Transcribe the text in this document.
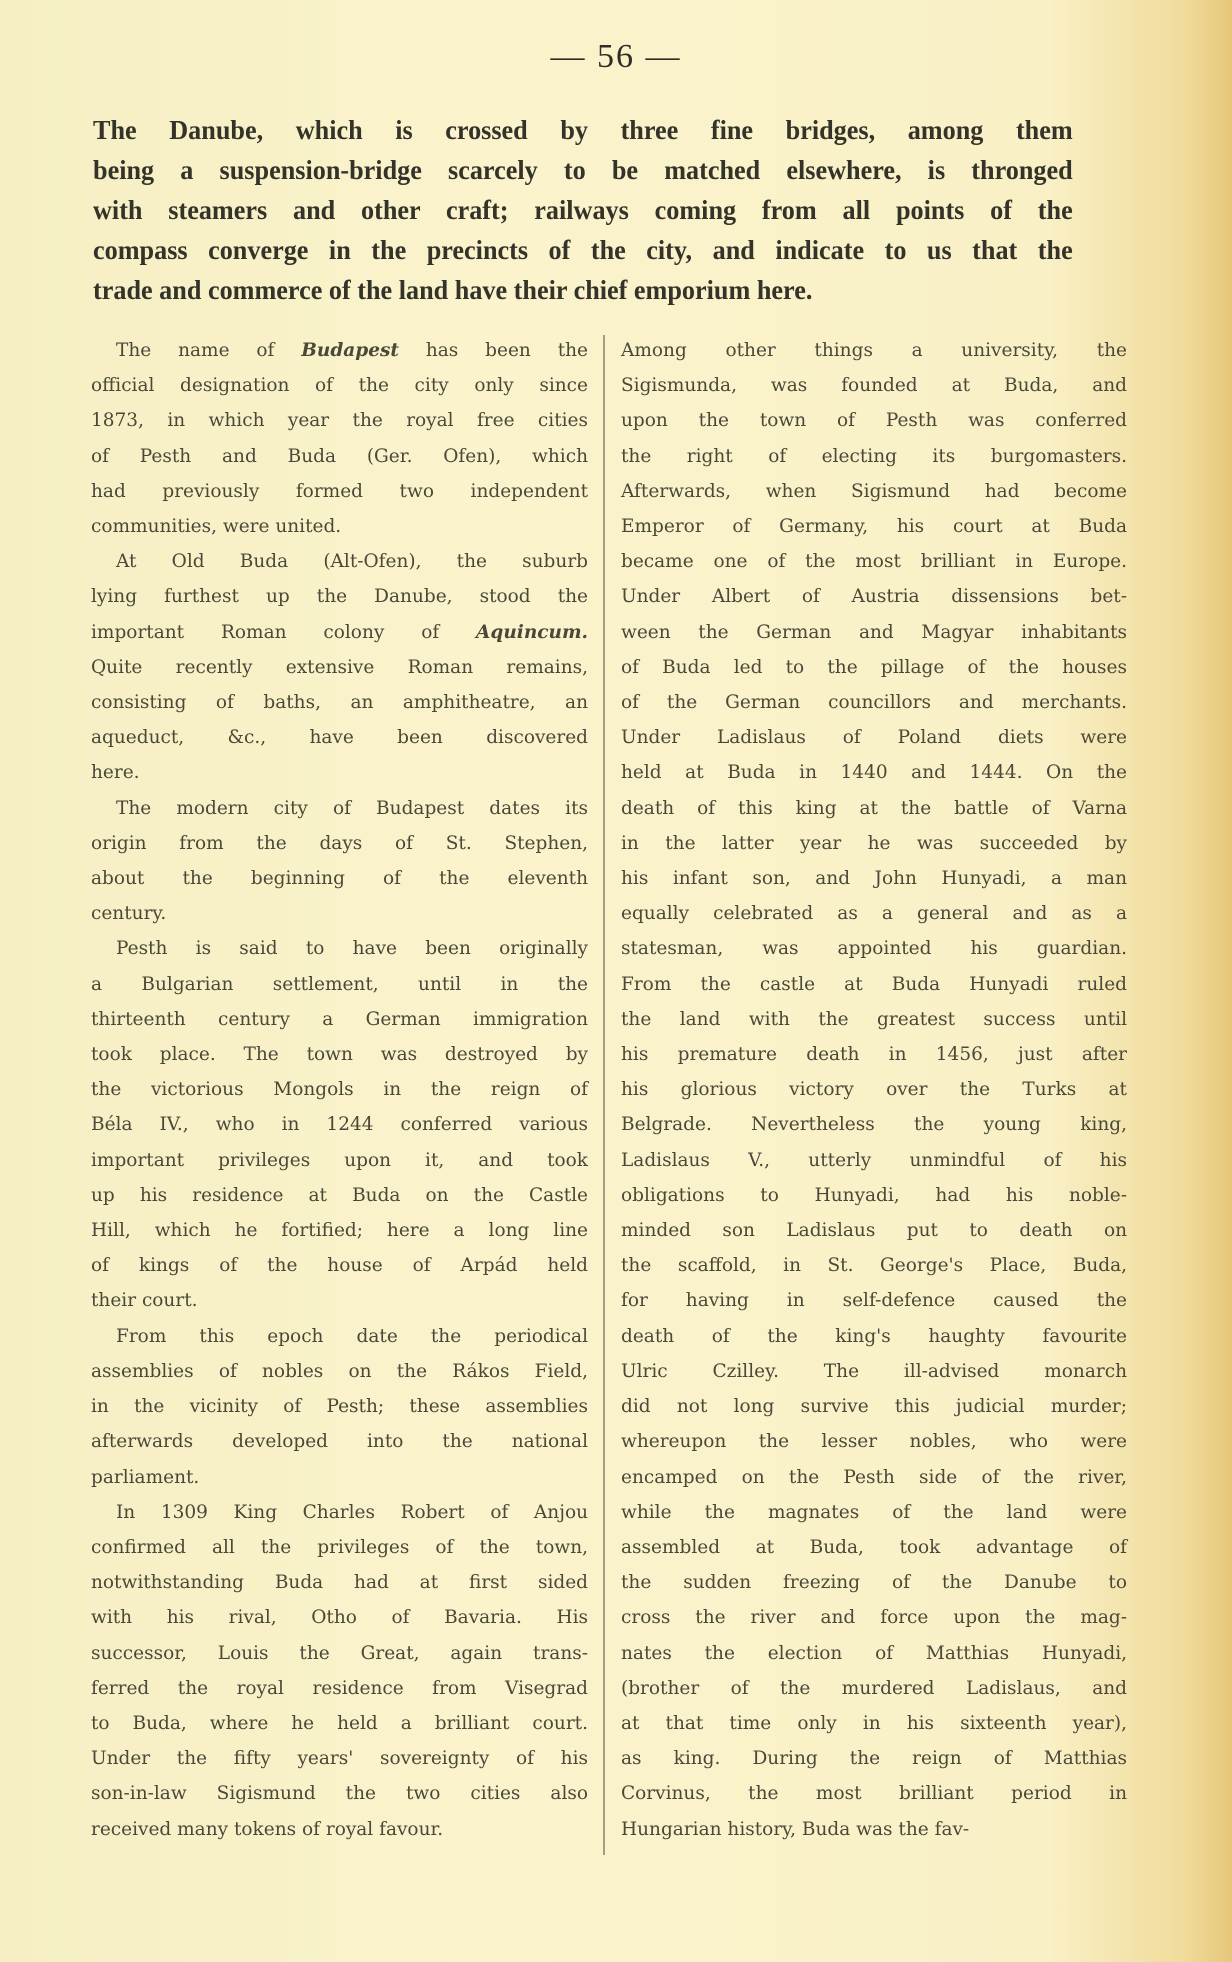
— 56 —
The Danube, which is crossed by three fine bridges, among them
being a suspension-bridge scarcely to be matched elsewhere, is thronged
with steamers and other craft; railways coming from all points of the
compass converge in the precincts of the city, and indicate to us that the
trade and commerce of the land have their chief emporium here.
The name of Budapest has been the
official designation of the city only since
1873, in which year the royal free cities
of Pesth and Buda (Ger. Ofen), which
had previously formed two independent
communities, were united.
At Old Buda (Alt-Ofen), the suburb
lying furthest up the Danube, stood the
important Roman colony of Aquincum.
Quite recently extensive Roman remains,
consisting of baths, an amphitheatre, an
aqueduct, &c., have been discovered
here.
The modern city of Budapest dates its
origin from the days of St. Stephen,
about the beginning of the eleventh
century.
Pesth is said to have been originally
a Bulgarian settlement, until in the
thirteenth century a German immigration
took place. The town was destroyed by
the victorious Mongols in the reign of
Béla IV., who in 1244 conferred various
important privileges upon it, and took
up his residence at Buda on the Castle
Hill, which he fortified; here a long line
of kings of the house of Arpád held
their court.
From this epoch date the periodical
assemblies of nobles on the Rákos Field,
in the vicinity of Pesth; these assemblies
afterwards developed into the national
parliament.
In 1309 King Charles Robert of Anjou
confirmed all the privileges of the town,
notwithstanding Buda had at first sided
with his rival, Otho of Bavaria. His
successor, Louis the Great, again trans-
ferred the royal residence from Visegrad
to Buda, where he held a brilliant court.
Under the fifty years' sovereignty of his
son-in-law Sigismund the two cities also
received many tokens of royal favour.
Among other things a university, the
Sigismunda, was founded at Buda, and
upon the town of Pesth was conferred
the right of electing its burgomasters.
Afterwards, when Sigismund had become
Emperor of Germany, his court at Buda
became one of the most brilliant in Europe.
Under Albert of Austria dissensions bet-
ween the German and Magyar inhabitants
of Buda led to the pillage of the houses
of the German councillors and merchants.
Under Ladislaus of Poland diets were
held at Buda in 1440 and 1444. On the
death of this king at the battle of Varna
in the latter year he was succeeded by
his infant son, and John Hunyadi, a man
equally celebrated as a general and as a
statesman, was appointed his guardian.
From the castle at Buda Hunyadi ruled
the land with the greatest success until
his premature death in 1456, just after
his glorious victory over the Turks at
Belgrade. Nevertheless the young king,
Ladislaus V., utterly unmindful of his
obligations to Hunyadi, had his noble-
minded son Ladislaus put to death on
the scaffold, in St. George's Place, Buda,
for having in self-defence caused the
death of the king's haughty favourite
Ulric Czilley. The ill-advised monarch
did not long survive this judicial murder;
whereupon the lesser nobles, who were
encamped on the Pesth side of the river,
while the magnates of the land were
assembled at Buda, took advantage of
the sudden freezing of the Danube to
cross the river and force upon the mag-
nates the election of Matthias Hunyadi,
(brother of the murdered Ladislaus, and
at that time only in his sixteenth year),
as king. During the reign of Matthias
Corvinus, the most brilliant period in
Hungarian history, Buda was the fav-
